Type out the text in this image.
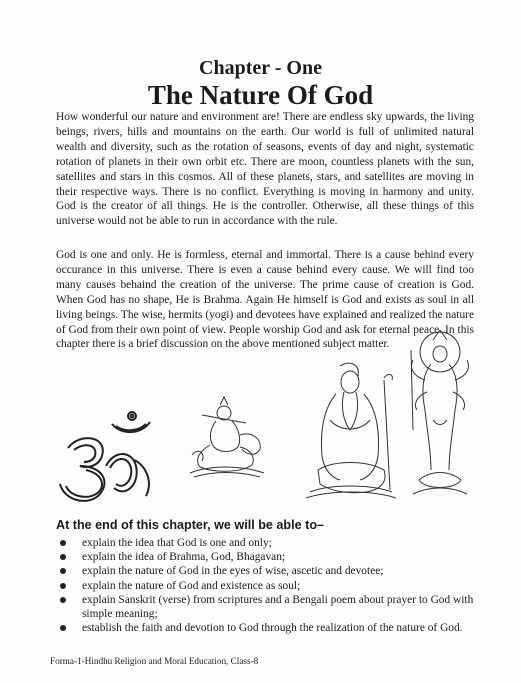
Chapter - One
The Nature Of God

How wonderful our nature and environment are! There are endless sky upwards, the living beings, rivers, hills and mountains on the earth. Our world is full of unlimited natural wealth and diversity, such as the rotation of seasons, events of day and night, systematic rotation of planets in their own orbit etc. There are moon, countless planets with the sun, satellites and stars in this cosmos. All of these planets, stars, and satellites are moving in their respective ways. There is no conflict. Everything is moving in harmony and unity. God is the creator of all things. He is the controller. Otherwise, all these things of this universe would not be able to run in accordance with the rule.

God is one and only. He is formless, eternal and immortal. There is a cause behind every occurance in this universe. There is even a cause behind every cause. We will find too many causes behaind the creation of the universe. The prime cause of creation is God. When God has no shape, He is Brahma. Again He himself is God and exists as soul in all living beings. The wise, hermits (yogi) and devotees have explained and realized the nature of God from their own point of view. People worship God and ask for eternal peace. In this chapter there is a brief discussion on the above mentioned subject matter.

At the end of this chapter, we will be able to–
explain the idea that God is one and only;
explain the idea of Brahma, God, Bhagavan;
explain the nature of God in the eyes of wise, ascetic and devotee;
explain the nature of God and existence as soul;
explain Sanskrit (verse) from scriptures and a Bengali poem about prayer to God with simple meaning;
establish the faith and devotion to God through the realization of the nature of God.
Forma-1-Hindhu Religion and Moral Education, Class-8
